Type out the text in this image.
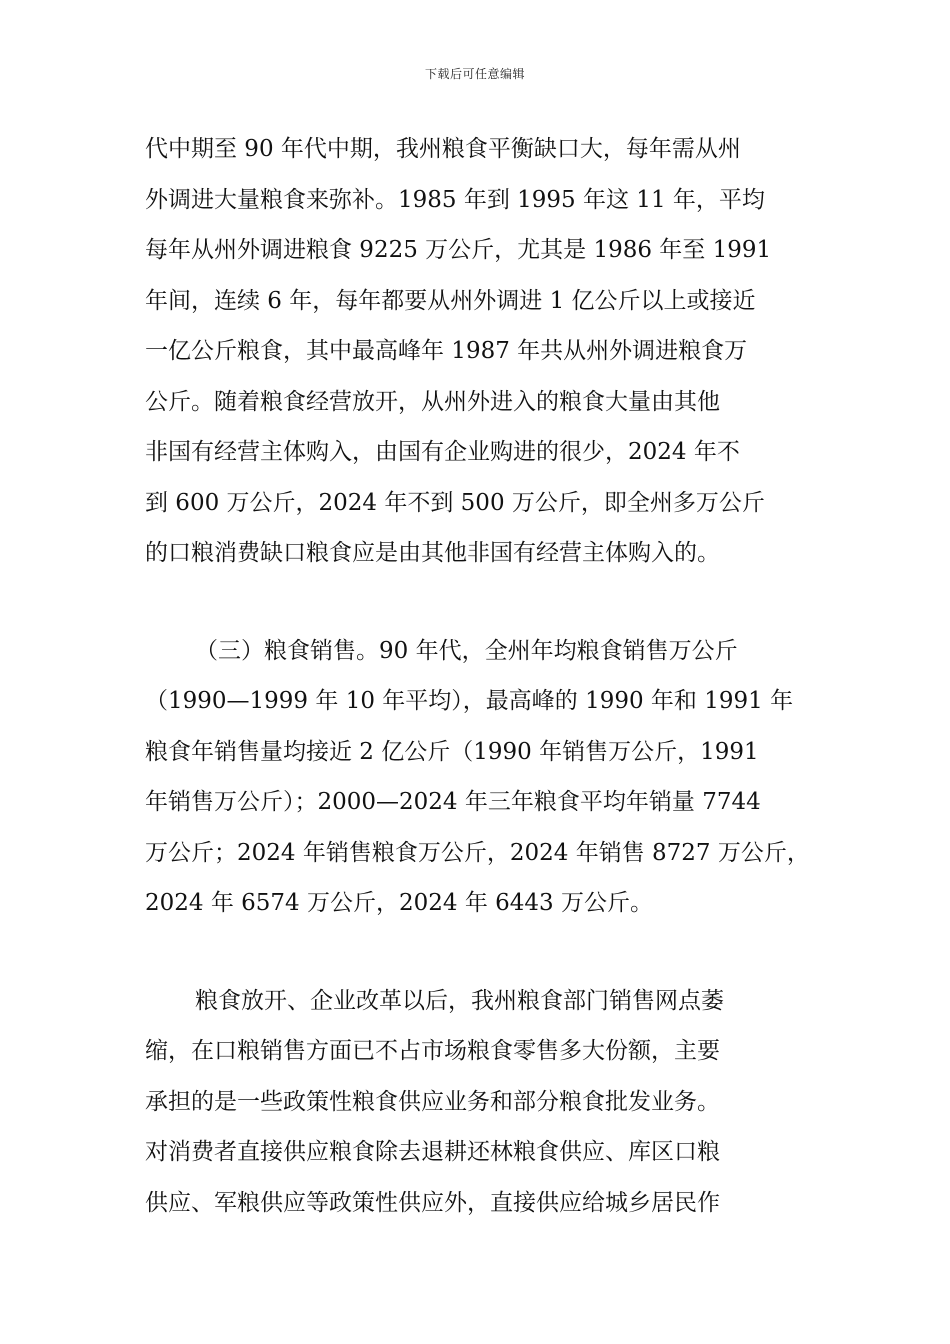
下载后可任意编辑

代中期至 90 年代中期，我州粮食平衡缺口大，每年需从州
外调进大量粮食来弥补。1985 年到 1995 年这 11 年，平均
每年从州外调进粮食 9225 万公斤，尤其是 1986 年至 1991
年间，连续 6 年，每年都要从州外调进 1 亿公斤以上或接近
一亿公斤粮食，其中最高峰年 1987 年共从州外调进粮食万
公斤。随着粮食经营放开，从州外进入的粮食大量由其他
非国有经营主体购入，由国有企业购进的很少，2024 年不
到 600 万公斤，2024 年不到 500 万公斤，即全州多万公斤
的口粮消费缺口粮食应是由其他非国有经营主体购入的。

（三）粮食销售。90 年代，全州年均粮食销售万公斤
（1990—1999 年 10 年平均），最高峰的 1990 年和 1991 年
粮食年销售量均接近 2 亿公斤（1990 年销售万公斤，1991
年销售万公斤）；2000—2024 年三年粮食平均年销量 7744
万公斤；2024 年销售粮食万公斤，2024 年销售 8727 万公斤，
2024 年 6574 万公斤，2024 年 6443 万公斤。

粮食放开、企业改革以后，我州粮食部门销售网点萎
缩，在口粮销售方面已不占市场粮食零售多大份额，主要
承担的是一些政策性粮食供应业务和部分粮食批发业务。
对消费者直接供应粮食除去退耕还林粮食供应、库区口粮
供应、军粮供应等政策性供应外，直接供应给城乡居民作
